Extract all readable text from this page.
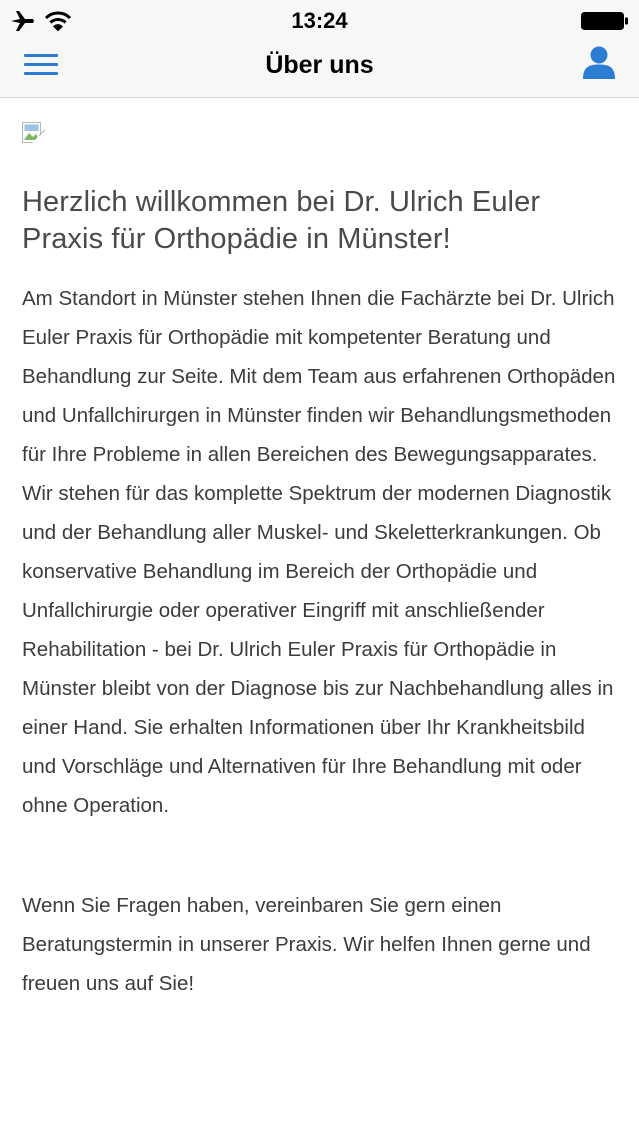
13:24
Über uns
Herzlich willkommen bei Dr. Ulrich Euler Praxis für Orthopädie in Münster!

Am Standort in Münster stehen Ihnen die Fachärzte bei Dr. Ulrich Euler Praxis für Orthopädie mit kompetenter Beratung und Behandlung zur Seite. Mit dem Team aus erfahrenen Orthopäden und Unfallchirurgen in Münster finden wir Behandlungsmethoden für Ihre Probleme in allen Bereichen des Bewegungsapparates. Wir stehen für das komplette Spektrum der modernen Diagnostik und der Behandlung aller Muskel- und Skeletterkrankungen. Ob konservative Behandlung im Bereich der Orthopädie und Unfallchirurgie oder operativer Eingriff mit anschließender Rehabilitation - bei Dr. Ulrich Euler Praxis für Orthopädie in Münster bleibt von der Diagnose bis zur Nachbehandlung alles in einer Hand. Sie erhalten Informationen über Ihr Krankheitsbild und Vorschläge und Alternativen für Ihre Behandlung mit oder ohne Operation.

Wenn Sie Fragen haben, vereinbaren Sie gern einen Beratungstermin in unserer Praxis. Wir helfen Ihnen gerne und freuen uns auf Sie!
